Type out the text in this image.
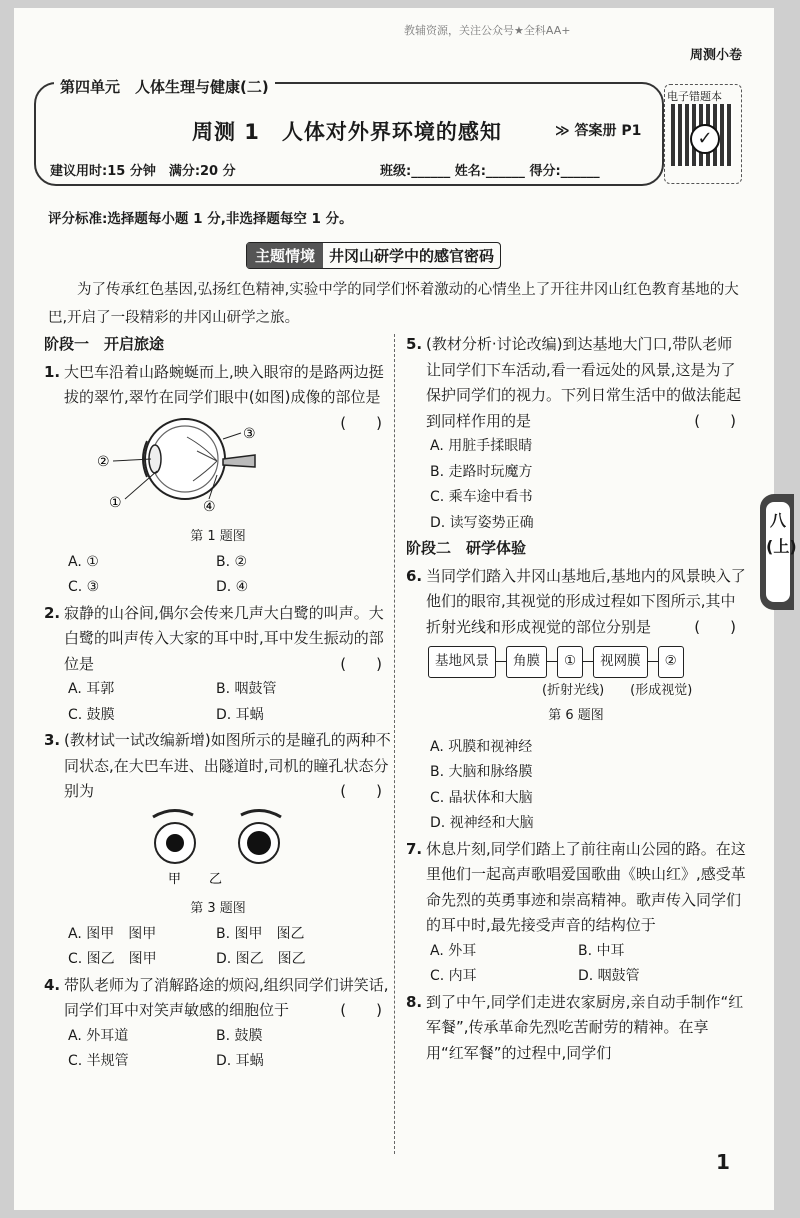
教辅资源，关注公众号★全科AA+
周测小卷
第四单元　人体生理与健康(二)
周测 1　人体对外界环境的感知	≫ 答案册 P1
建议用时:15 分钟　满分:20 分	班级:______ 姓名:______ 得分:______
电子错题本
✓
评分标准:选择题每小题 1 分,非选择题每空 1 分。
主题情境 井冈山研学中的感官密码
为了传承红色基因,弘扬红色精神,实验中学的同学们怀着激动的心情坐上了开往井冈山红色教育基地的大巴,开启了一段精彩的井冈山研学之旅。
阶段一　开启旅途
1. 大巴车沿着山路蜿蜒而上,映入眼帘的是路两边挺拔的翠竹,翠竹在同学们眼中(如图)成像的部位是
(　　)
②
③
①	④
第 1 题图
A. ①	B. ②
C. ③	D. ④
2. 寂静的山谷间,偶尔会传来几声大白鹭的叫声。大白鹭的叫声传入大家的耳中时,耳中发生振动的部位是	(　　)
A. 耳郭	B. 咽鼓管
C. 鼓膜	D. 耳蜗
3. (教材试一试改编新增)如图所示的是瞳孔的两种不同状态,在大巴车进、出隧道时,司机的瞳孔状态分别为	(　　)
甲 乙
第 3 题图
A. 图甲　图甲	B. 图甲　图乙
C. 图乙　图甲	D. 图乙　图乙
4. 带队老师为了消解路途的烦闷,组织同学们讲笑话,同学们耳中对笑声敏感的细胞位于	(　　)
A. 外耳道	B. 鼓膜
C. 半规管	D. 耳蜗
5. (教材分析·讨论改编)到达基地大门口,带队老师让同学们下车活动,看一看远处的风景,这是为了保护同学们的视力。下列日常生活中的做法能起到同样作用的是	(　　)
A. 用脏手揉眼睛
B. 走路时玩魔方
C. 乘车途中看书
D. 读写姿势正确
阶段二　研学体验
6. 当同学们踏入井冈山基地后,基地内的风景映入了他们的眼帘,其视觉的形成过程如下图所示,其中折射光线和形成视觉的部位分别是	(　　)
基地风景	角膜	①	视网膜	②
(折射光线) (形成视觉)
第 6 题图
A. 巩膜和视神经
B. 大脑和脉络膜
C. 晶状体和大脑
D. 视神经和大脑
7. 休息片刻,同学们踏上了前往南山公园的路。在这里他们一起高声歌唱爱国歌曲《映山红》,感受革命先烈的英勇事迹和崇高精神。歌声传入同学们的耳中时,最先接受声音的结构位于
A. 外耳	B. 中耳
C. 内耳	D. 咽鼓管
8. 到了中午,同学们走进农家厨房,亲自动手制作“红军餐”,传承革命先烈吃苦耐劳的精神。在享用“红军餐”的过程中,同学们
八(上)
1
